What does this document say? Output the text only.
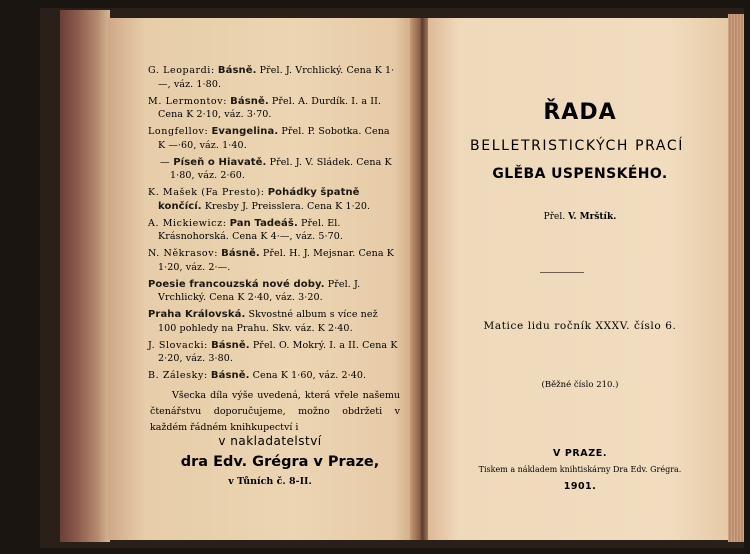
G. Leopardi: Básně. Přel. J. Vrchlický. Cena K 1·—, váz. 1·80.
M. Lermontov: Básně. Přel. A. Durdík. I. a II. Cena K 2·10, váz. 3·70.
Longfellov: Evangelina. Přel. P. Sobotka. Cena K —·60, váz. 1·40.
— Píseň o Hiavatě. Přel. J. V. Sládek. Cena K 1·80, váz. 2·60.
K. Mašek (Fa Presto): Pohádky špatně končící. Kresby J. Preisslera. Cena K 1·20.
A. Mickiewicz: Pan Tadeáš. Přel. El. Krásnohorská. Cena K 4·—, váz. 5·70.
N. Někrasov: Básně. Přel. H. J. Mejsnar. Cena K 1·20, váz. 2·—.
Poesie francouzská nové doby. Přel. J. Vrchlický. Cena K 2·40, váz. 3·20.
Praha Královská. Skvostné album s více než 100 pohledy na Prahu. Skv. váz. K 2·40.
J. Slovacki: Básně. Přel. O. Mokrý. I. a II. Cena K 2·20, váz. 3·80.
B. Zálesky: Básně. Cena K 1·60, váz. 2·40.
Všecka díla výše uvedená, která vřele našemu čtenářstvu doporučujeme, možno obdržeti v každém řádném knihkupectví i
v nakladatelství
dra Edv. Grégra v Praze,
v Tůních č. 8-II.
ŘADA
BELLETRISTICKÝCH PRACÍ
GLĚBA USPENSKÉHO.
Přel. V. Mrštík.
Matice lidu ročník XXXV. číslo 6.
(Běžné číslo 210.)
V PRAZE.
Tiskem a nákladem knihtiskárny Dra Edv. Grégra.
1901.
